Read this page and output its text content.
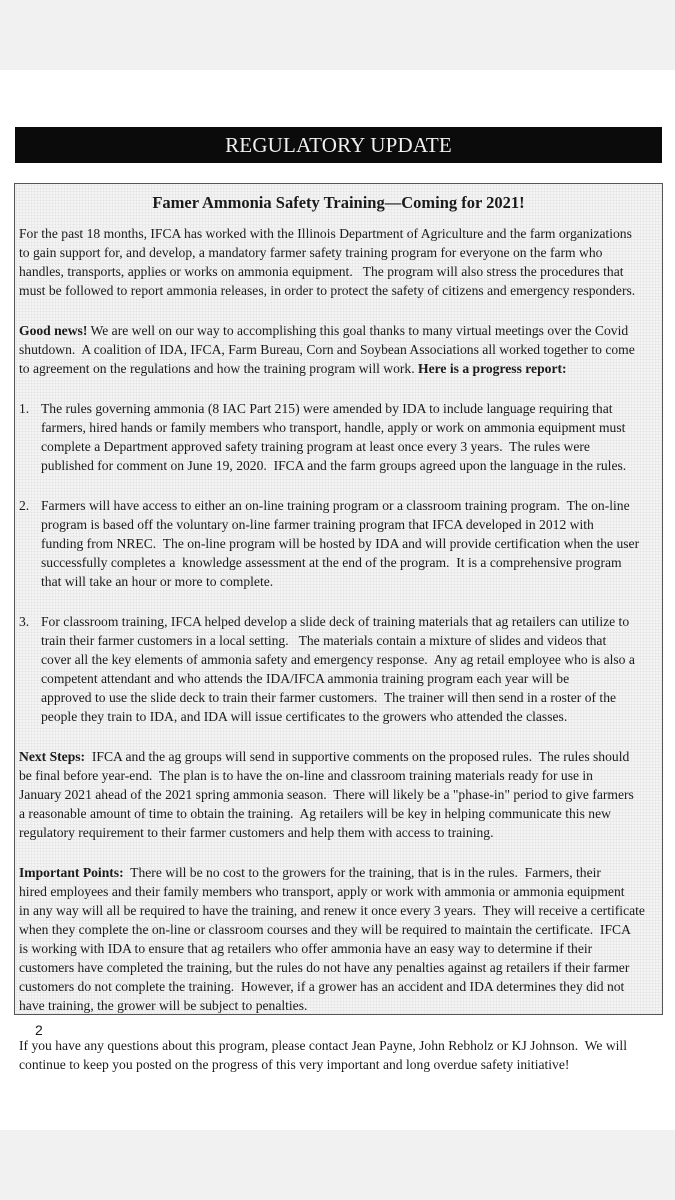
REGULATORY UPDATE
Famer Ammonia Safety Training—Coming for 2021!
For the past 18 months, IFCA has worked with the Illinois Department of Agriculture and the farm organizations
to gain support for, and develop, a mandatory farmer safety training program for everyone on the farm who
handles, transports, applies or works on ammonia equipment.   The program will also stress the procedures that
must be followed to report ammonia releases, in order to protect the safety of citizens and emergency responders.
Good news! We are well on our way to accomplishing this goal thanks to many virtual meetings over the Covid
shutdown.  A coalition of IDA, IFCA, Farm Bureau, Corn and Soybean Associations all worked together to come
to agreement on the regulations and how the training program will work. Here is a progress report:
1. The rules governing ammonia (8 IAC Part 215) were amended by IDA to include language requiring that
farmers, hired hands or family members who transport, handle, apply or work on ammonia equipment must
complete a Department approved safety training program at least once every 3 years.  The rules were
published for comment on June 19, 2020.  IFCA and the farm groups agreed upon the language in the rules.
2. Farmers will have access to either an on-line training program or a classroom training program.  The on-line
program is based off the voluntary on-line farmer training program that IFCA developed in 2012 with
funding from NREC.  The on-line program will be hosted by IDA and will provide certification when the user
successfully completes a  knowledge assessment at the end of the program.  It is a comprehensive program
that will take an hour or more to complete.
3. For classroom training, IFCA helped develop a slide deck of training materials that ag retailers can utilize to
train their farmer customers in a local setting.   The materials contain a mixture of slides and videos that
cover all the key elements of ammonia safety and emergency response.  Any ag retail employee who is also a
competent attendant and who attends the IDA/IFCA ammonia training program each year will be
approved to use the slide deck to train their farmer customers.  The trainer will then send in a roster of the
people they train to IDA, and IDA will issue certificates to the growers who attended the classes.
Next Steps:  IFCA and the ag groups will send in supportive comments on the proposed rules.  The rules should
be final before year-end.  The plan is to have the on-line and classroom training materials ready for use in
January 2021 ahead of the 2021 spring ammonia season.  There will likely be a "phase-in" period to give farmers
a reasonable amount of time to obtain the training.  Ag retailers will be key in helping communicate this new
regulatory requirement to their farmer customers and help them with access to training.
Important Points:  There will be no cost to the growers for the training, that is in the rules.  Farmers, their
hired employees and their family members who transport, apply or work with ammonia or ammonia equipment
in any way will all be required to have the training, and renew it once every 3 years.  They will receive a certificate
when they complete the on-line or classroom courses and they will be required to maintain the certificate.  IFCA
is working with IDA to ensure that ag retailers who offer ammonia have an easy way to determine if their
customers have completed the training, but the rules do not have any penalties against ag retailers if their farmer
customers do not complete the training.  However, if a grower has an accident and IDA determines they did not
have training, the grower will be subject to penalties.
If you have any questions about this program, please contact Jean Payne, John Rebholz or KJ Johnson.  We will
continue to keep you posted on the progress of this very important and long overdue safety initiative!
2
